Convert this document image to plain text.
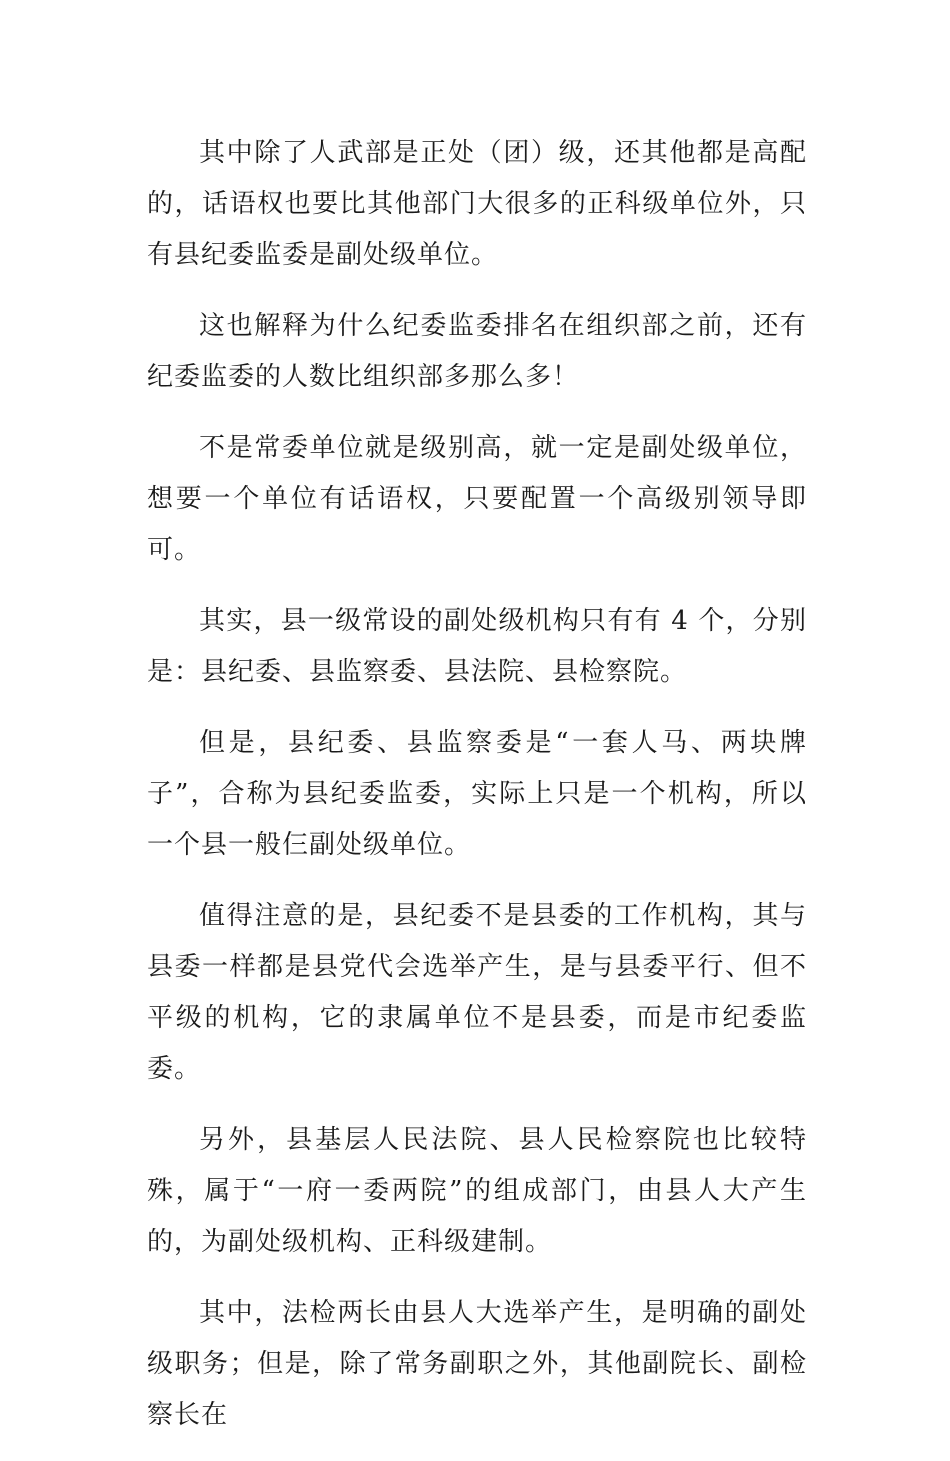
其中除了人武部是正处（团）级，还其他都是高配的，话语权也要比其他部门大很多的正科级单位外，只有县纪委监委是副处级单位。

这也解释为什么纪委监委排名在组织部之前，还有纪委监委的人数比组织部多那么多！

不是常委单位就是级别高，就一定是副处级单位，想要一个单位有话语权，只要配置一个高级别领导即可。

其实，县一级常设的副处级机构只有有 4 个，分别是：县纪委、县监察委、县法院、县检察院。

但是，县纪委、县监察委是“一套人马、两块牌子”，合称为县纪委监委，实际上只是一个机构，所以一个县一般仨副处级单位。

值得注意的是，县纪委不是县委的工作机构，其与县委一样都是县党代会选举产生，是与县委平行、但不平级的机构，它的隶属单位不是县委，而是市纪委监委。

另外，县基层人民法院、县人民检察院也比较特殊，属于“一府一委两院”的组成部门，由县人大产生的，为副处级机构、正科级建制。

其中，法检两长由县人大选举产生，是明确的副处级职务；但是，除了常务副职之外，其他副院长、副检察长在
